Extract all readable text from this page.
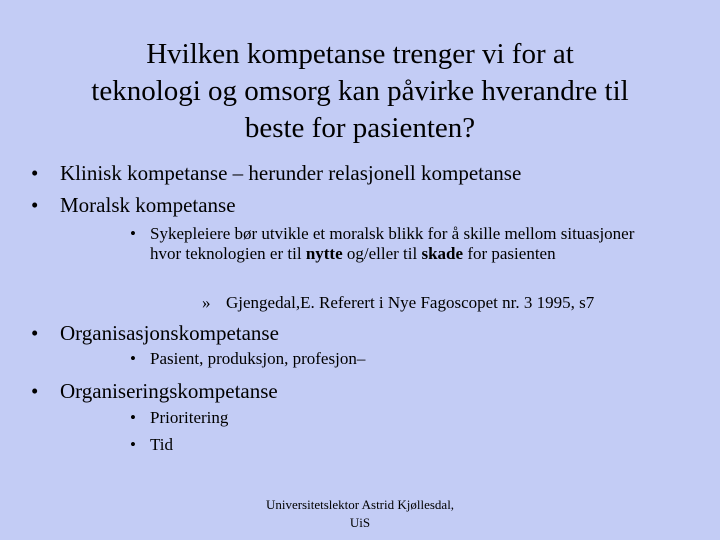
Hvilken kompetanse trenger vi for at
teknologi og omsorg kan påvirke hverandre til
beste for pasienten?
• Klinisk kompetanse – herunder relasjonell kompetanse
• Moralsk kompetanse
• Sykepleiere bør utvikle et moralsk blikk for å skille mellom situasjoner hvor teknologien er til nytte og/eller til skade for pasienten
» Gjengedal,E. Referert i Nye Fagoscopet nr. 3 1995, s7
• Organisasjonskompetanse
• Pasient, produksjon, profesjon–
• Organiseringskompetanse
• Prioritering
• Tid
Universitetslektor Astrid Kjøllesdal,
UiS
